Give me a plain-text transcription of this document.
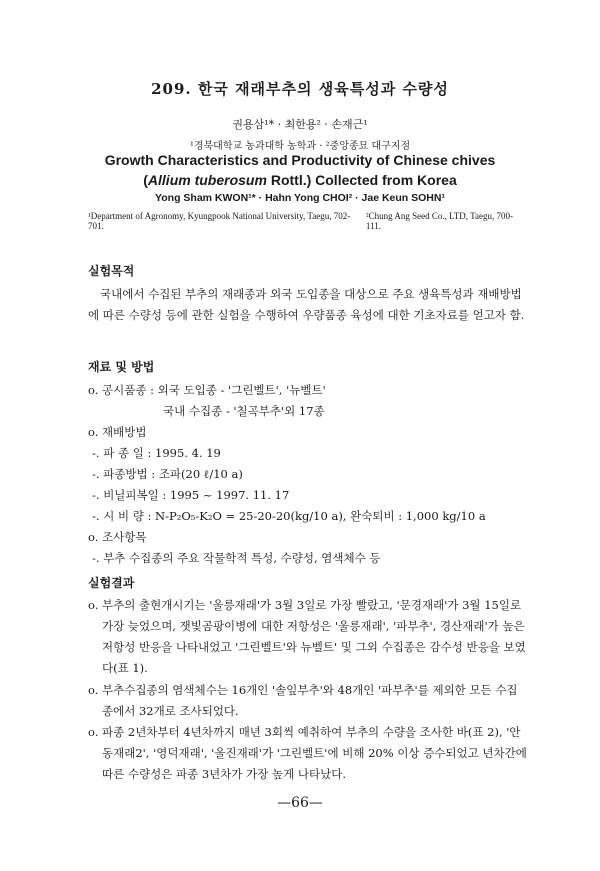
209. 한국 재래부추의 생육특성과 수량성
권용삼¹* · 최한용² · 손재근¹
¹경북대학교 농과대학 농학과 · ²중앙종묘 대구지점
Growth Characteristics and Productivity of Chinese chives
(Allium tuberosum Rottl.) Collected from Korea
Yong Sham KWON¹* · Hahn Yong CHOI² · Jae Keun SOHN¹
¹Department of Agronomy, Kyungpook National University, Taegu, 702-701.
²Chung Ang Seed Co., LTD, Taegu, 700-111.
실험목적
국내에서 수집된 부추의 재래종과 외국 도입종을 대상으로 주요 생육특성과 재배방법에 따른 수량성 등에 관한 실험을 수행하여 우량품종 육성에 대한 기초자료를 얻고자 함.
재료 및 방법
o. 공시품종 : 외국 도입종 - '그린벨트', '뉴벨트'
국내 수집종 - '칠곡부추'외 17종
o. 재배방법
-. 파 종 일 : 1995. 4. 19
-. 파종방법 : 조파(20 ℓ/10 a)
-. 비닐피복일 : 1995 ~ 1997. 11. 17
-. 시 비 량 : N-P₂O₅-K₂O = 25-20-20(kg/10 a), 완숙퇴비 : 1,000 kg/10 a
o. 조사항목
-. 부추 수집종의 주요 작물학적 특성, 수량성, 염색체수 등
실험결과
o. 부추의 출현개시기는 '울릉재래'가 3월 3일로 가장 빨랐고, '문경재래'가 3월 15일로 가장 늦었으며, 잿빛곰팡이병에 대한 저항성은 '울릉재래', '파부추', 경산재래'가 높은 저항성 반응을 나타내었고 '그린벨트'와 뉴벨트' 및 그외 수집종은 감수성 반응을 보였다(표 1).
o. 부추수집종의 염색체수는 16개인 '솔잎부추'와 48개인 '파부추'를 제외한 모든 수집종에서 32개로 조사되었다.
o. 파종 2년차부터 4년차까지 매년 3회씩 예취하여 부추의 수량을 조사한 바(표 2), '안동재래2', '영덕재래', '울진재래'가 '그린벨트'에 비해 20% 이상 증수되었고 년차간에 따른 수량성은 파종 3년차가 가장 높게 나타났다.
—66—
